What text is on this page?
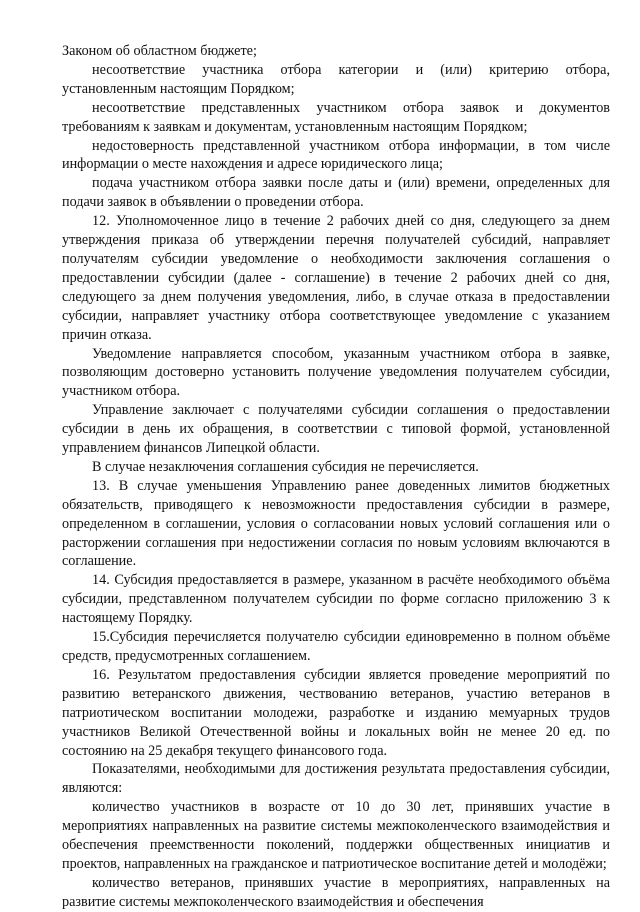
Законом об областном бюджете;

несоответствие участника отбора категории и (или) критерию отбора, установленным настоящим Порядком;

несоответствие представленных участником отбора заявок и документов требованиям к заявкам и документам, установленным настоящим Порядком;

недостоверность представленной участником отбора информации, в том числе информации о месте нахождения и адресе юридического лица;

подача участником отбора заявки после даты и (или) времени, определенных для подачи заявок в объявлении о проведении отбора.

12. Уполномоченное лицо в течение 2 рабочих дней со дня, следующего за днем утверждения приказа об утверждении перечня получателей субсидий, направляет получателям субсидии уведомление о необходимости заключения соглашения о предоставлении субсидии (далее - соглашение) в течение 2 рабочих дней со дня, следующего за днем получения уведомления, либо, в случае отказа в предоставлении субсидии, направляет участнику отбора соответствующее уведомление с указанием причин отказа.

Уведомление направляется способом, указанным участником отбора в заявке, позволяющим достоверно установить получение уведомления получателем субсидии, участником отбора.

Управление заключает с получателями субсидии соглашения о предоставлении субсидии в день их обращения, в соответствии с типовой формой, установленной управлением финансов Липецкой области.

В случае незаключения соглашения субсидия не перечисляется.

13. В случае уменьшения Управлению ранее доведенных лимитов бюджетных обязательств, приводящего к невозможности предоставления субсидии в размере, определенном в соглашении, условия о согласовании новых условий соглашения или о расторжении соглашения при недостижении согласия по новым условиям включаются в соглашение.

14. Субсидия предоставляется в размере, указанном в расчёте необходимого объёма субсидии, представленном получателем субсидии по форме согласно приложению 3 к настоящему Порядку.

15.Субсидия перечисляется получателю субсидии единовременно в полном объёме средств, предусмотренных соглашением.

16. Результатом предоставления субсидии является проведение мероприятий по развитию ветеранского движения, чествованию ветеранов, участию ветеранов в патриотическом воспитании молодежи, разработке и изданию мемуарных трудов участников Великой Отечественной войны и локальных войн не менее 20 ед. по состоянию на 25 декабря текущего финансового года.

Показателями, необходимыми для достижения результата предоставления субсидии, являются:

количество участников в возрасте от 10 до 30 лет, принявших участие в мероприятиях направленных на развитие системы межпоколенческого взаимодействия и обеспечения преемственности поколений, поддержки общественных инициатив и проектов, направленных на гражданское и патриотическое воспитание детей и молодёжи;

количество ветеранов, принявших участие в мероприятиях, направленных на развитие системы межпоколенческого взаимодействия и обеспечения
